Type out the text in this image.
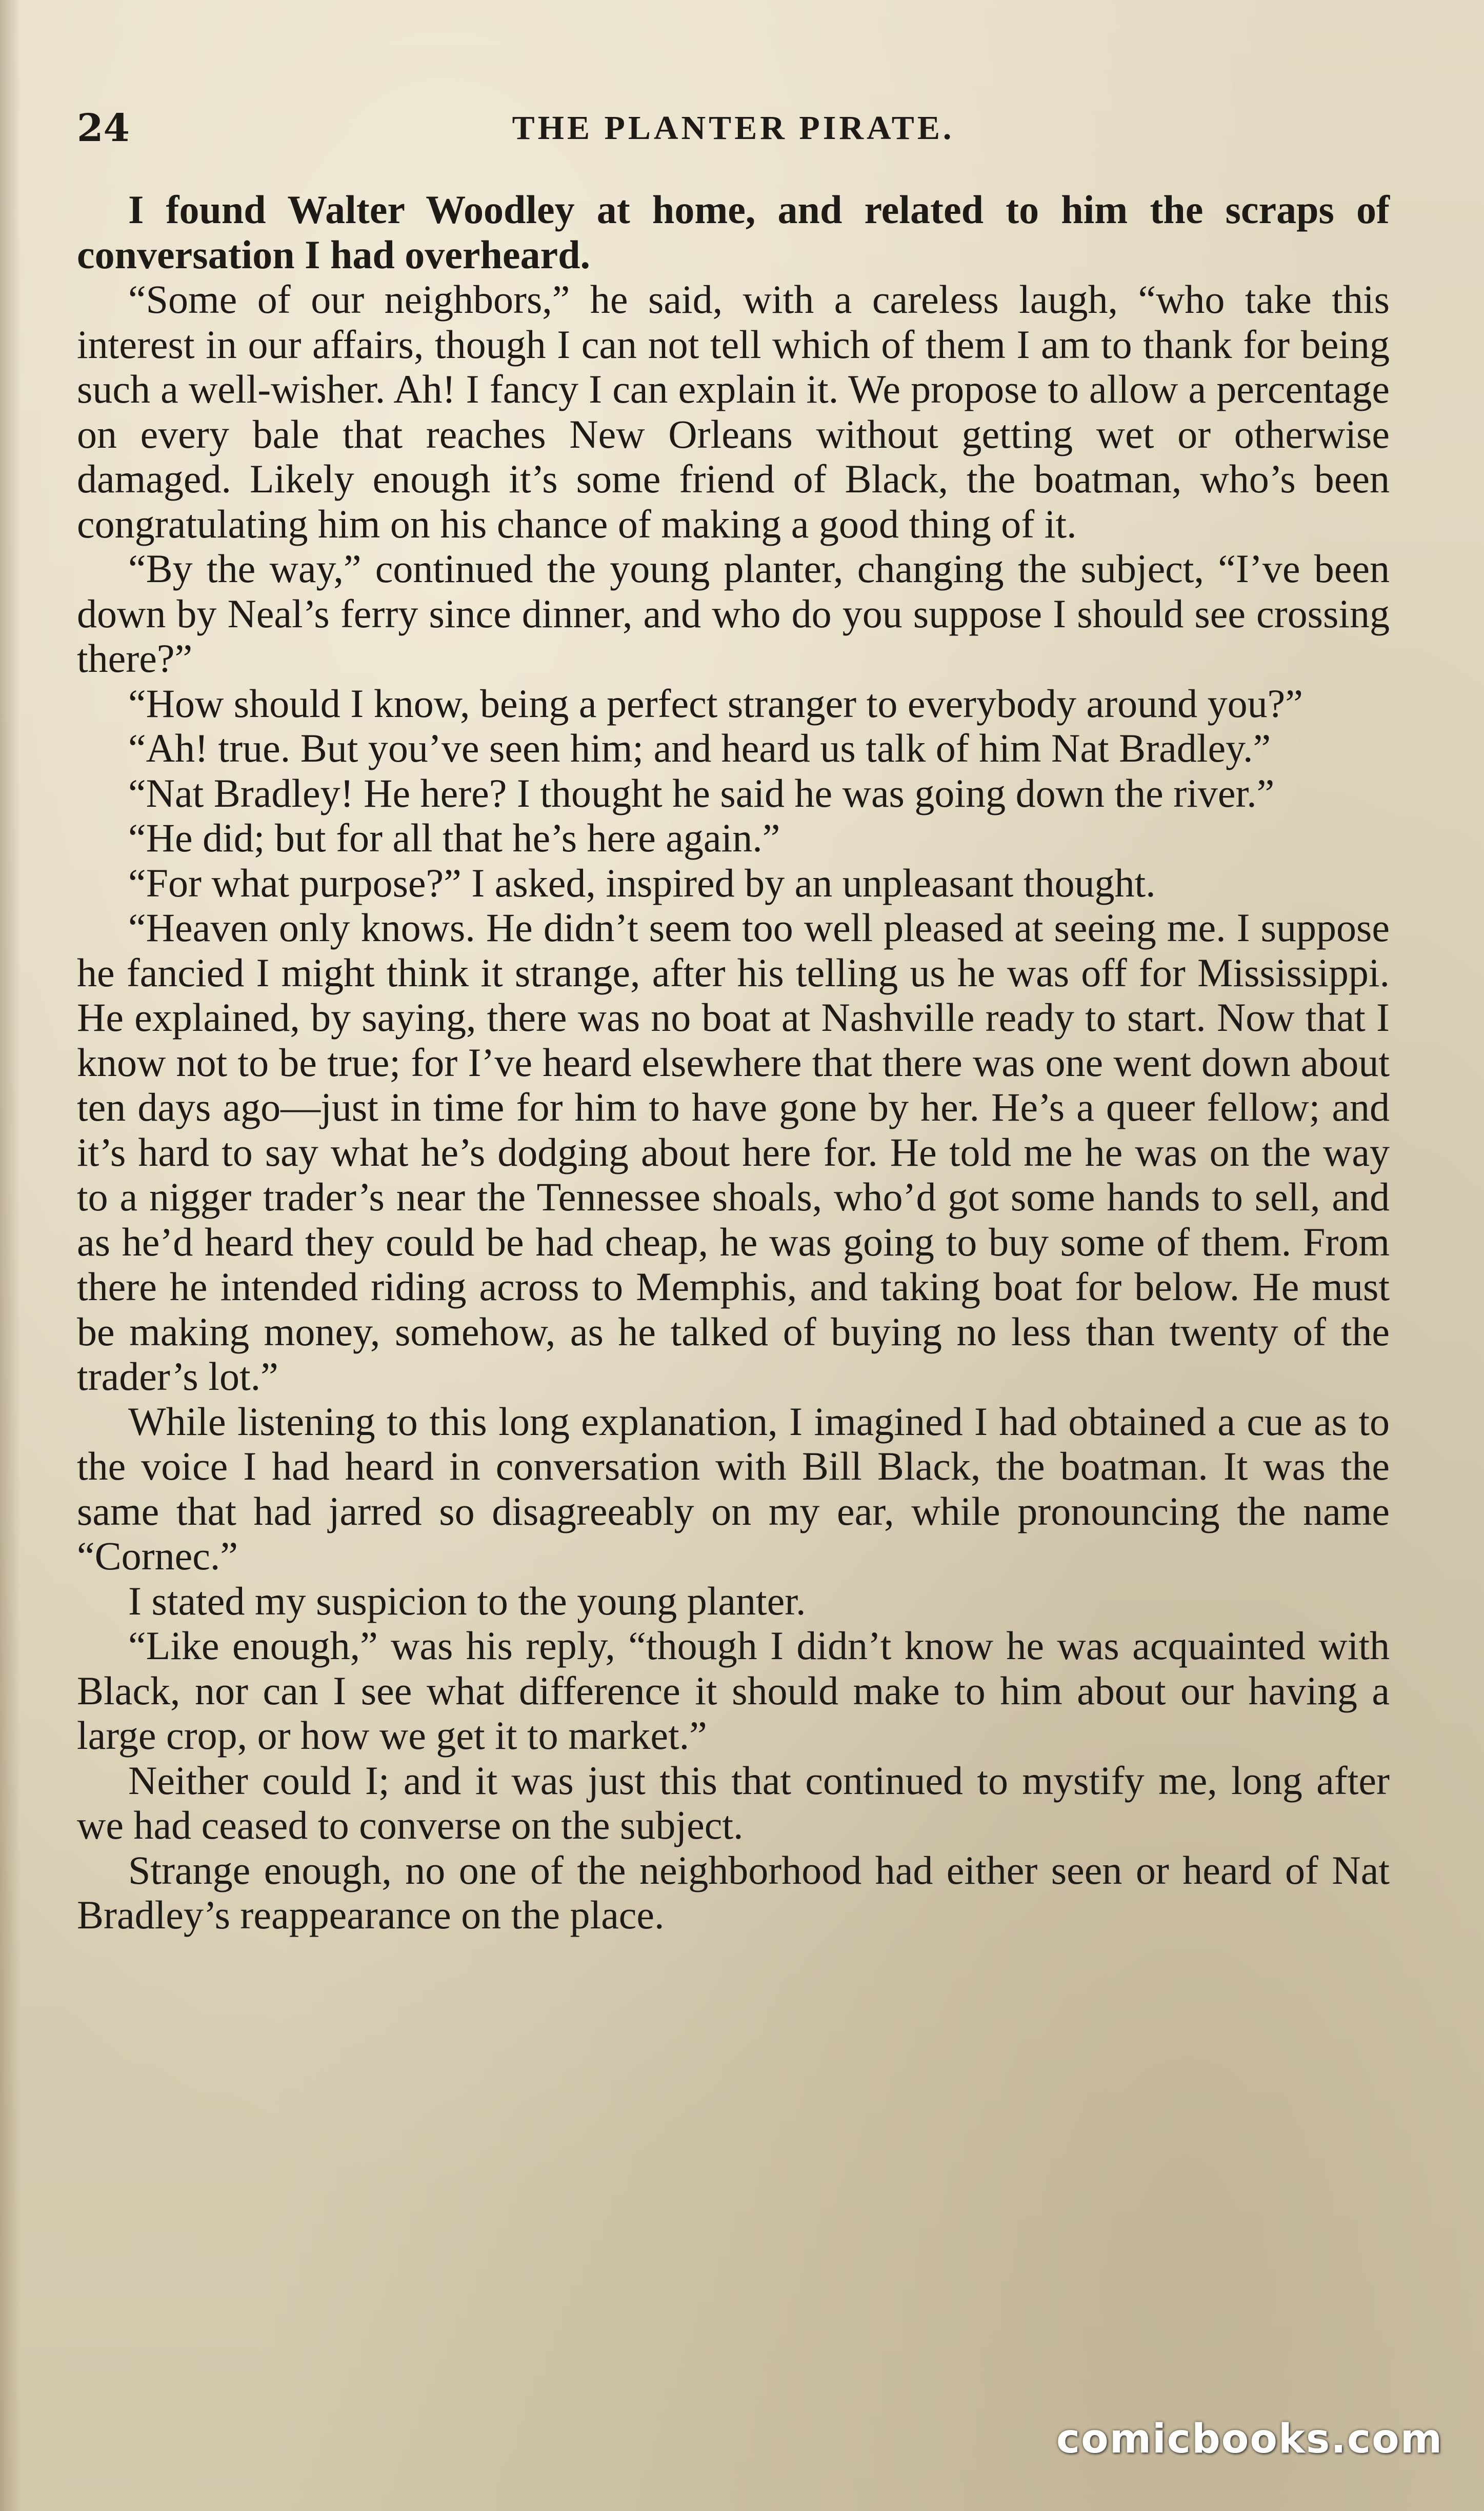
24	THE PLANTER PIRATE.

I found Walter Woodley at home, and related to him the scraps of conversation I had overheard.

“Some of our neighbors,” he said, with a careless laugh, “who take this interest in our affairs, though I can not tell which of them I am to thank for being such a well-wisher. Ah! I fancy I can explain it. We propose to allow a percentage on every bale that reaches New Orleans without getting wet or otherwise damaged. Likely enough it’s some friend of Black, the boatman, who’s been congratulating him on his chance of making a good thing of it.

“By the way,” continued the young planter, changing the subject, “I’ve been down by Neal’s ferry since dinner, and who do you suppose I should see crossing there?”

“How should I know, being a perfect stranger to everybody around you?”

“Ah! true. But you’ve seen him; and heard us talk of him Nat Bradley.”

“Nat Bradley! He here? I thought he said he was going down the river.”

“He did; but for all that he’s here again.”

“For what purpose?” I asked, inspired by an unpleasant thought.

“Heaven only knows. He didn’t seem too well pleased at seeing me. I suppose he fancied I might think it strange, after his telling us he was off for Mississippi. He explained, by saying, there was no boat at Nashville ready to start. Now that I know not to be true; for I’ve heard elsewhere that there was one went down about ten days ago—just in time for him to have gone by her. He’s a queer fellow; and it’s hard to say what he’s dodging about here for. He told me he was on the way to a nigger trader’s near the Tennessee shoals, who’d got some hands to sell, and as he’d heard they could be had cheap, he was going to buy some of them. From there he intended riding across to Memphis, and taking boat for below. He must be making money, somehow, as he talked of buying no less than twenty of the trader’s lot.”

While listening to this long explanation, I imagined I had obtained a cue as to the voice I had heard in conversation with Bill Black, the boatman. It was the same that had jarred so disagreeably on my ear, while pronouncing the name “Cornec.”

I stated my suspicion to the young planter.

“Like enough,” was his reply, “though I didn’t know he was acquainted with Black, nor can I see what difference it should make to him about our having a large crop, or how we get it to market.”

Neither could I; and it was just this that continued to mystify me, long after we had ceased to converse on the subject.

Strange enough, no one of the neighborhood had either seen or heard of Nat Bradley’s reappearance on the place.

comicbooks.com
